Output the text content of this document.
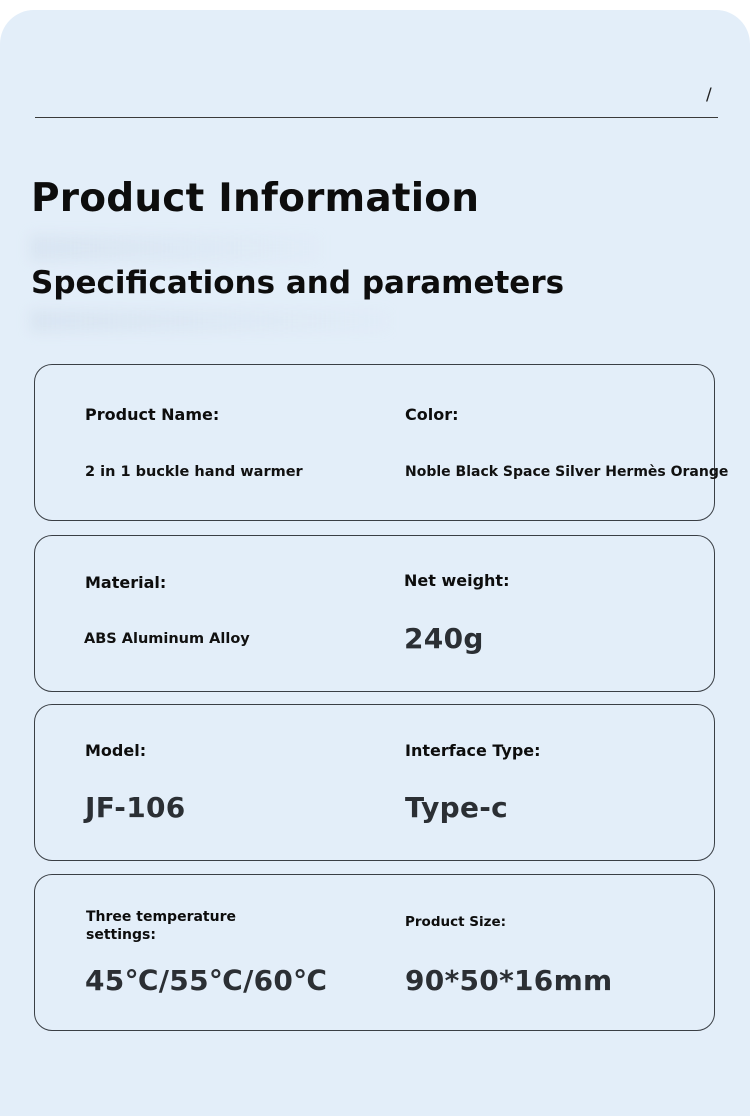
/
Product Information
Specifications and parameters
Product Name:
2 in 1 buckle hand warmer
Color:
Noble Black Space Silver Hermès Orange
Material:
ABS Aluminum Alloy
Net weight:
240g
Model:
JF-106
Interface Type:
Type-c
Three temperature settings:
45℃/55℃/60℃
Product Size:
90*50*16mm
